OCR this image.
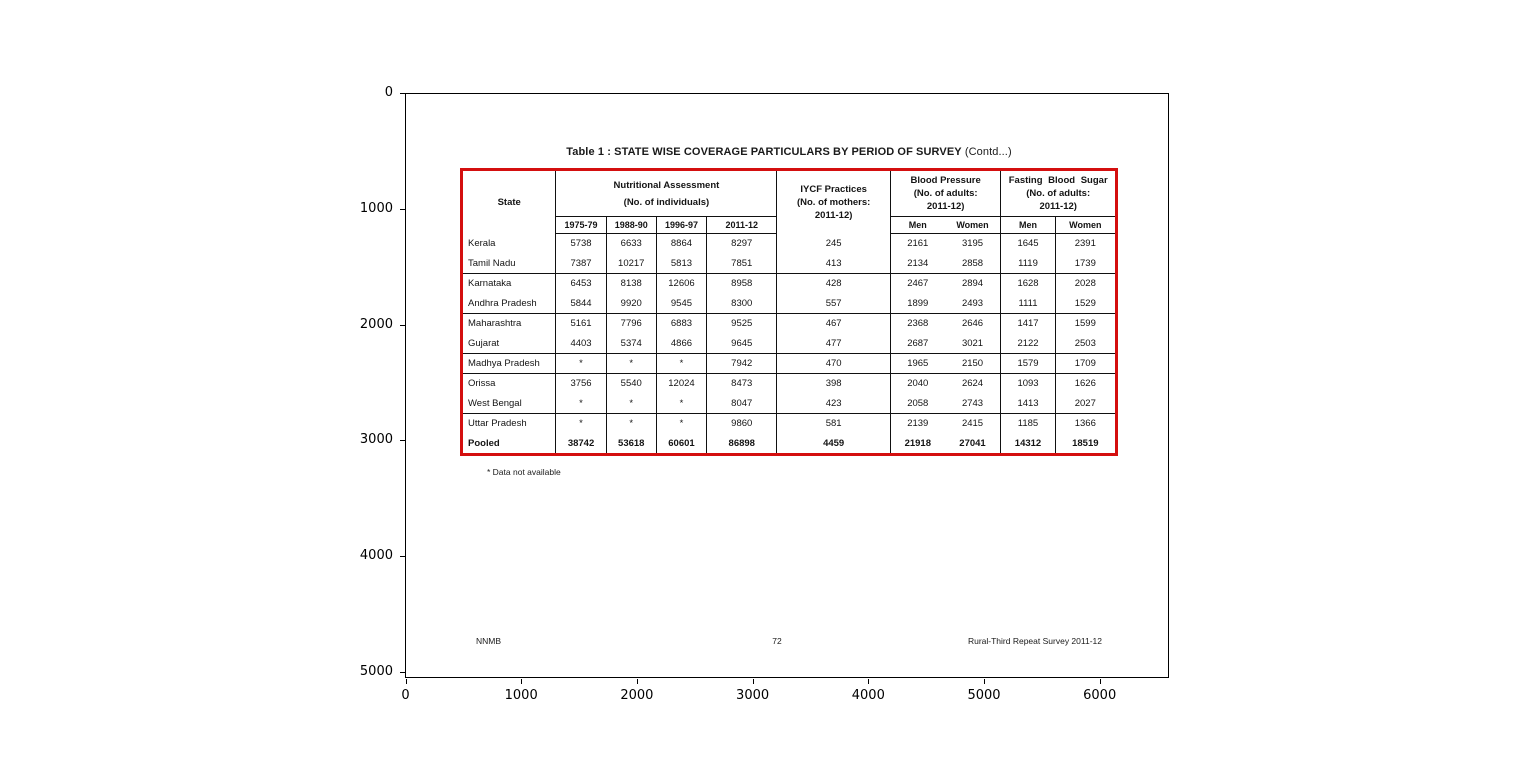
0
1000
2000
3000
4000
5000
0	1000	2000	3000	4000	5000	6000
Table 1 : STATE WISE COVERAGE PARTICULARS BY PERIOD OF SURVEY (Contd...)
State	
Nutritional Assessment
(No. of individuals)

IYCF Practices
(No. of mothers:
2011-12)

Blood Pressure
(No. of adults:
2011-12)

Fasting Blood Sugar
(No. of adults:
2011-12)

	1975-79	1988-90	1996-97	2011-12		Men	Women	Men	Women
Kerala	5738	6633	8864	8297	245	2161	3195	1645	2391
Tamil Nadu	7387	10217	5813	7851	413	2134	2858	1119	1739
Karnataka	6453	8138	12606	8958	428	2467	2894	1628	2028
Andhra Pradesh	5844	9920	9545	8300	557	1899	2493	1111	1529
Maharashtra	5161	7796	6883	9525	467	2368	2646	1417	1599
Gujarat	4403	5374	4866	9645	477	2687	3021	2122	2503
Madhya Pradesh	*	*	*	7942	470	1965	2150	1579	1709
Orissa	3756	5540	12024	8473	398	2040	2624	1093	1626
West Bengal	*	*	*	8047	423	2058	2743	1413	2027
Uttar Pradesh	*	*	*	9860	581	2139	2415	1185	1366
Pooled	38742	53618	60601	86898	4459	21918	27041	14312	18519
* Data not available
NNMB	72	Rural-Third Repeat Survey 2011-12
